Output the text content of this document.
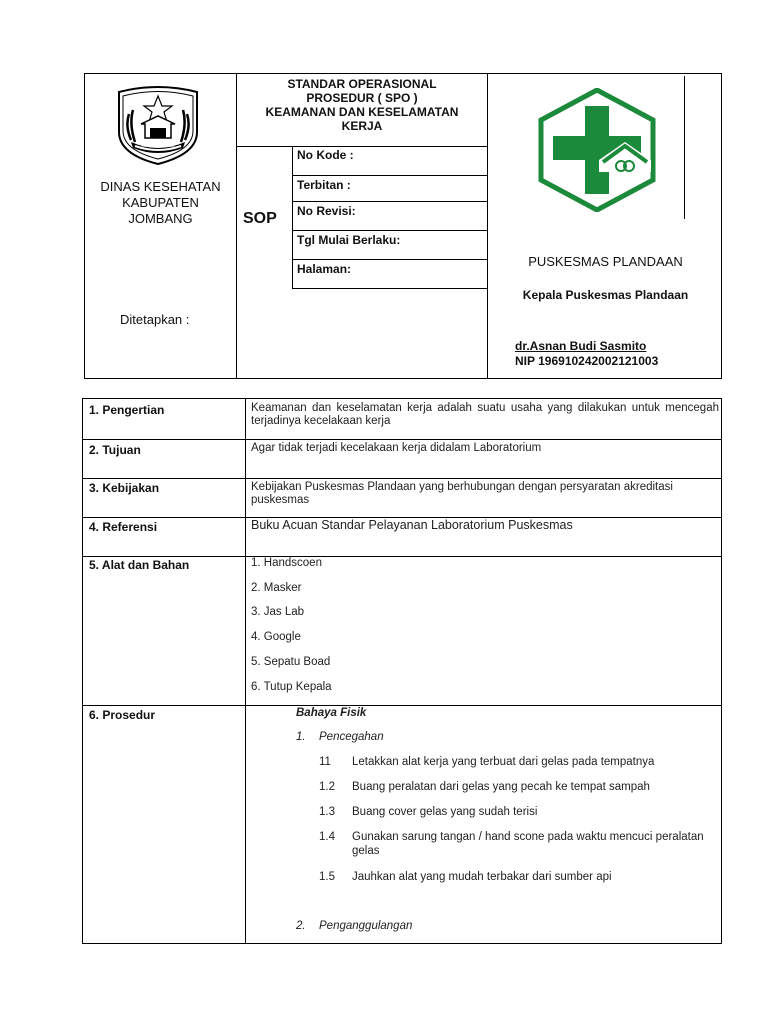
KABUPATEN JOMBANG
DINAS KESEHATAN
KABUPATEN
JOMBANG
Ditetapkan :
STANDAR OPERASIONAL
PROSEDUR ( SPO )
KEAMANAN DAN KESELAMATAN
KERJA
SOP
No Kode :
Terbitan :
No Revisi:
Tgl Mulai Berlaku:
Halaman:	PUSKESMAS PLANDAAN
Kepala Puskesmas Plandaan
dr.Asnan Budi Sasmito
NIP 196910242002121003
1. Pengertian	Keamanan dan keselamatan kerja adalah suatu usaha yang dilakukan untuk mencegah terjadinya kecelakaan kerja
2. Tujuan	Agar tidak terjadi kecelakaan kerja didalam Laboratorium
3. Kebijakan	Kebijakan Puskesmas Plandaan yang berhubungan dengan persyaratan akreditasi puskesmas
4. Referensi	Buku Acuan Standar Pelayanan Laboratorium Puskesmas
5. Alat dan Bahan	1. Handscoen
2. Masker
3. Jas Lab
4. Google
5. Sepatu Boad
6. Tutup Kepala
6. Prosedur	Bahaya Fisik
1. Pencegahan
11 Letakkan alat kerja yang terbuat dari gelas pada tempatnya
1.2 Buang peralatan dari gelas yang pecah ke tempat sampah
1.3 Buang cover gelas yang sudah terisi
1.4 Gunakan sarung tangan / hand scone pada waktu mencuci peralatan gelas
1.5 Jauhkan alat yang mudah terbakar dari sumber api
2. Penganggulangan
